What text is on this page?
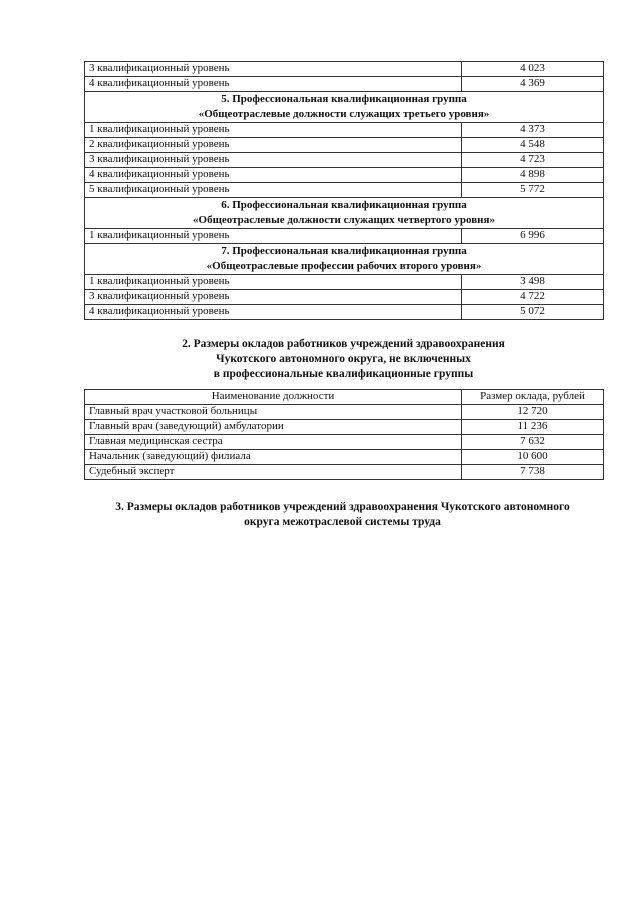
3 квалификационный уровень	4 023
4 квалификационный уровень	4 369

5. Профессиональная квалификационная группа
«Общеотраслевые должности служащих третьего уровня»	

1 квалификационный уровень	4 373
2 квалификационный уровень	4 548
3 квалификационный уровень	4 723
4 квалификационный уровень	4 898
5 квалификационный уровень	5 772

6. Профессиональная квалификационная группа
«Общеотраслевые должности служащих четвертого уровня»	

1 квалификационный уровень	6 996

7. Профессиональная квалификационная группа
«Общеотраслевые профессии рабочих второго уровня»	

1 квалификационный уровень	3 498
3 квалификационный уровень	4 722
4 квалификационный уровень	5 072
2. Размеры окладов работников учреждений здравоохранения
Чукотского автономного округа, не включенных
в профессиональные квалификационные группы
Наименование должности	Размер оклада, рублей
Главный врач участковой больницы	12 720
Главный врач (заведующий) амбулатории	11 236
Главная медицинская сестра	7 632
Начальник (заведующий) филиала	10 600
Судебный эксперт	7 738
3. Размеры окладов работников учреждений здравоохранения Чукотского автономного
округа межотраслевой системы труда
